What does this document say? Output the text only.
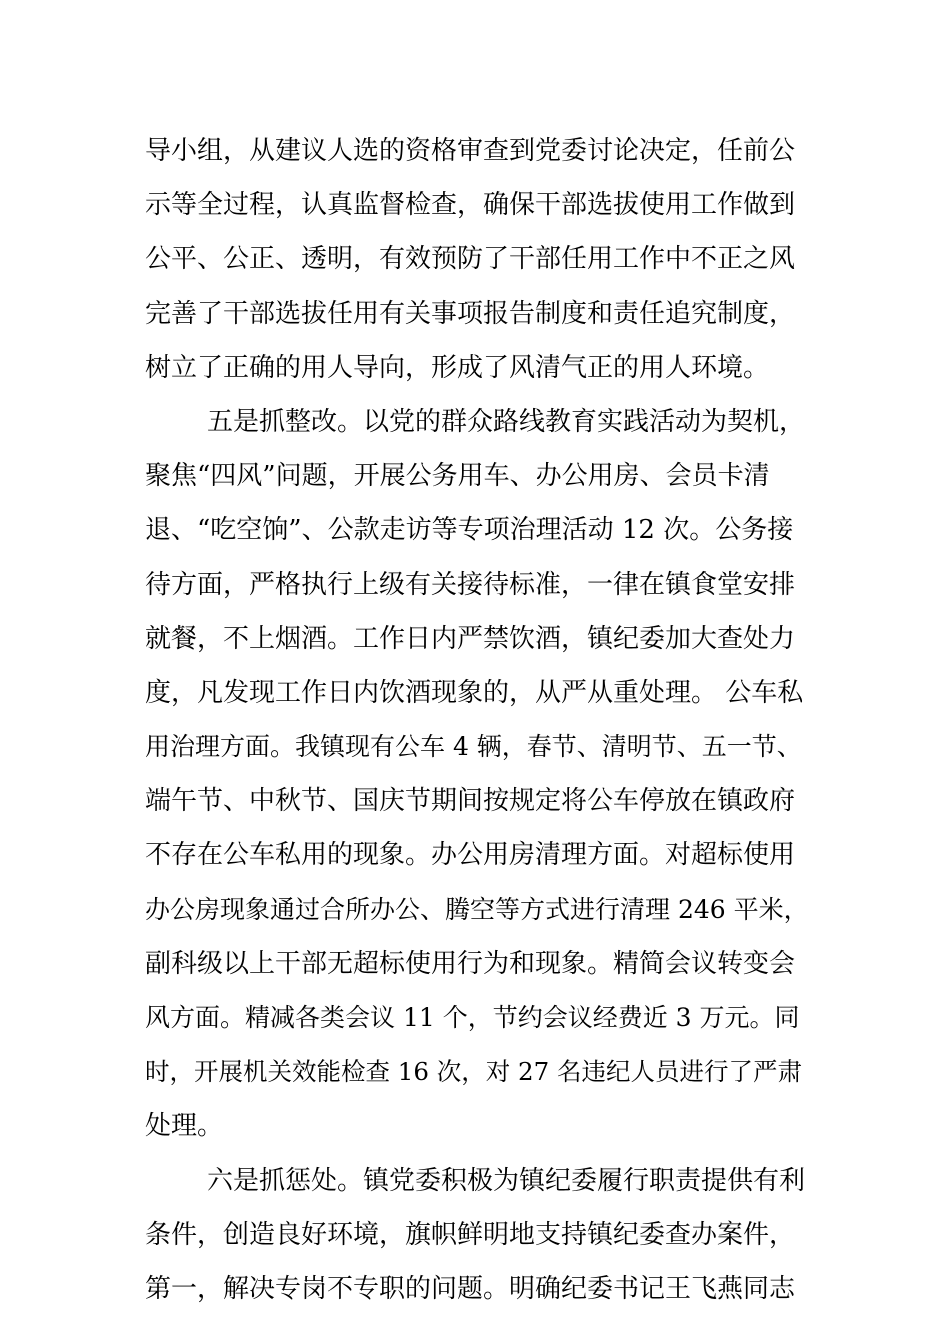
导小组，从建议人选的资格审查到党委讨论决定，任前公
示等全过程，认真监督检查，确保干部选拔使用工作做到
公平、公正、透明，有效预防了干部任用工作中不正之风
完善了干部选拔任用有关事项报告制度和责任追究制度，
树立了正确的用人导向，形成了风清气正的用人环境。
五是抓整改。以党的群众路线教育实践活动为契机，
聚焦“四风”问题，开展公务用车、办公用房、会员卡清
退、“吃空饷”、公款走访等专项治理活动 12 次。公务接
待方面，严格执行上级有关接待标准，一律在镇食堂安排
就餐，不上烟酒。工作日内严禁饮酒，镇纪委加大查处力
度，凡发现工作日内饮酒现象的，从严从重处理。 公车私
用治理方面。我镇现有公车 4 辆，春节、清明节、五一节、
端午节、中秋节、国庆节期间按规定将公车停放在镇政府
不存在公车私用的现象。办公用房清理方面。对超标使用
办公房现象通过合所办公、腾空等方式进行清理 246 平米，
副科级以上干部无超标使用行为和现象。精简会议转变会
风方面。精减各类会议 11 个，节约会议经费近 3 万元。同
时，开展机关效能检查 16 次，对 27 名违纪人员进行了严肃
处理。
六是抓惩处。镇党委积极为镇纪委履行职责提供有利
条件，创造良好环境，旗帜鲜明地支持镇纪委查办案件，
第一，解决专岗不专职的问题。明确纪委书记王飞燕同志
